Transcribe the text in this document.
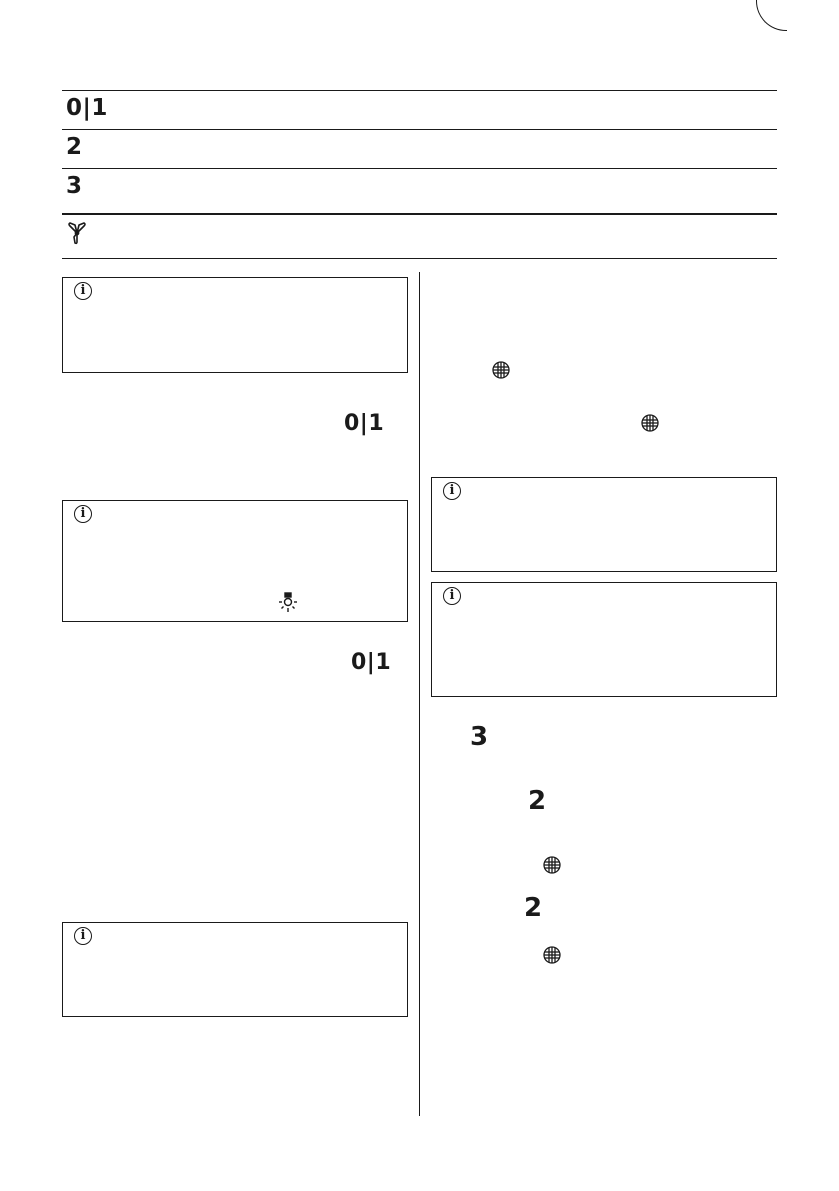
0|1
2
3
i
0|1
i
0|1
i
i
i
3
2
2
